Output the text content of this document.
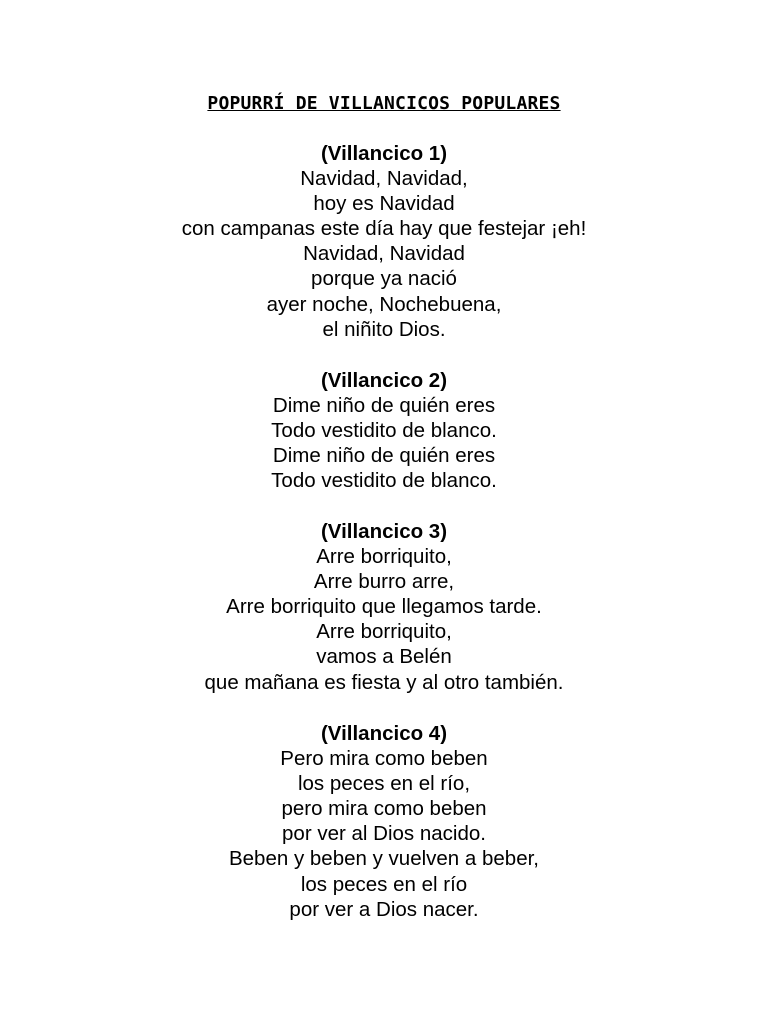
POPURRÍ DE VILLANCICOS POPULARES
(Villancico 1)
Navidad, Navidad,
hoy es Navidad
con campanas este día hay que festejar ¡eh!
Navidad, Navidad
porque ya nació
ayer noche, Nochebuena,
el niñito Dios.
(Villancico 2)
Dime niño de quién eres
Todo vestidito de blanco.
Dime niño de quién eres
Todo vestidito de blanco.
(Villancico 3)
Arre borriquito,
Arre burro arre,
Arre borriquito que llegamos tarde.
Arre borriquito,
vamos a Belén
que mañana es fiesta y al otro también.
(Villancico 4)
Pero mira como beben
los peces en el río,
pero mira como beben
por ver al Dios nacido.
Beben y beben y vuelven a beber,
los peces en el río
por ver a Dios nacer.
